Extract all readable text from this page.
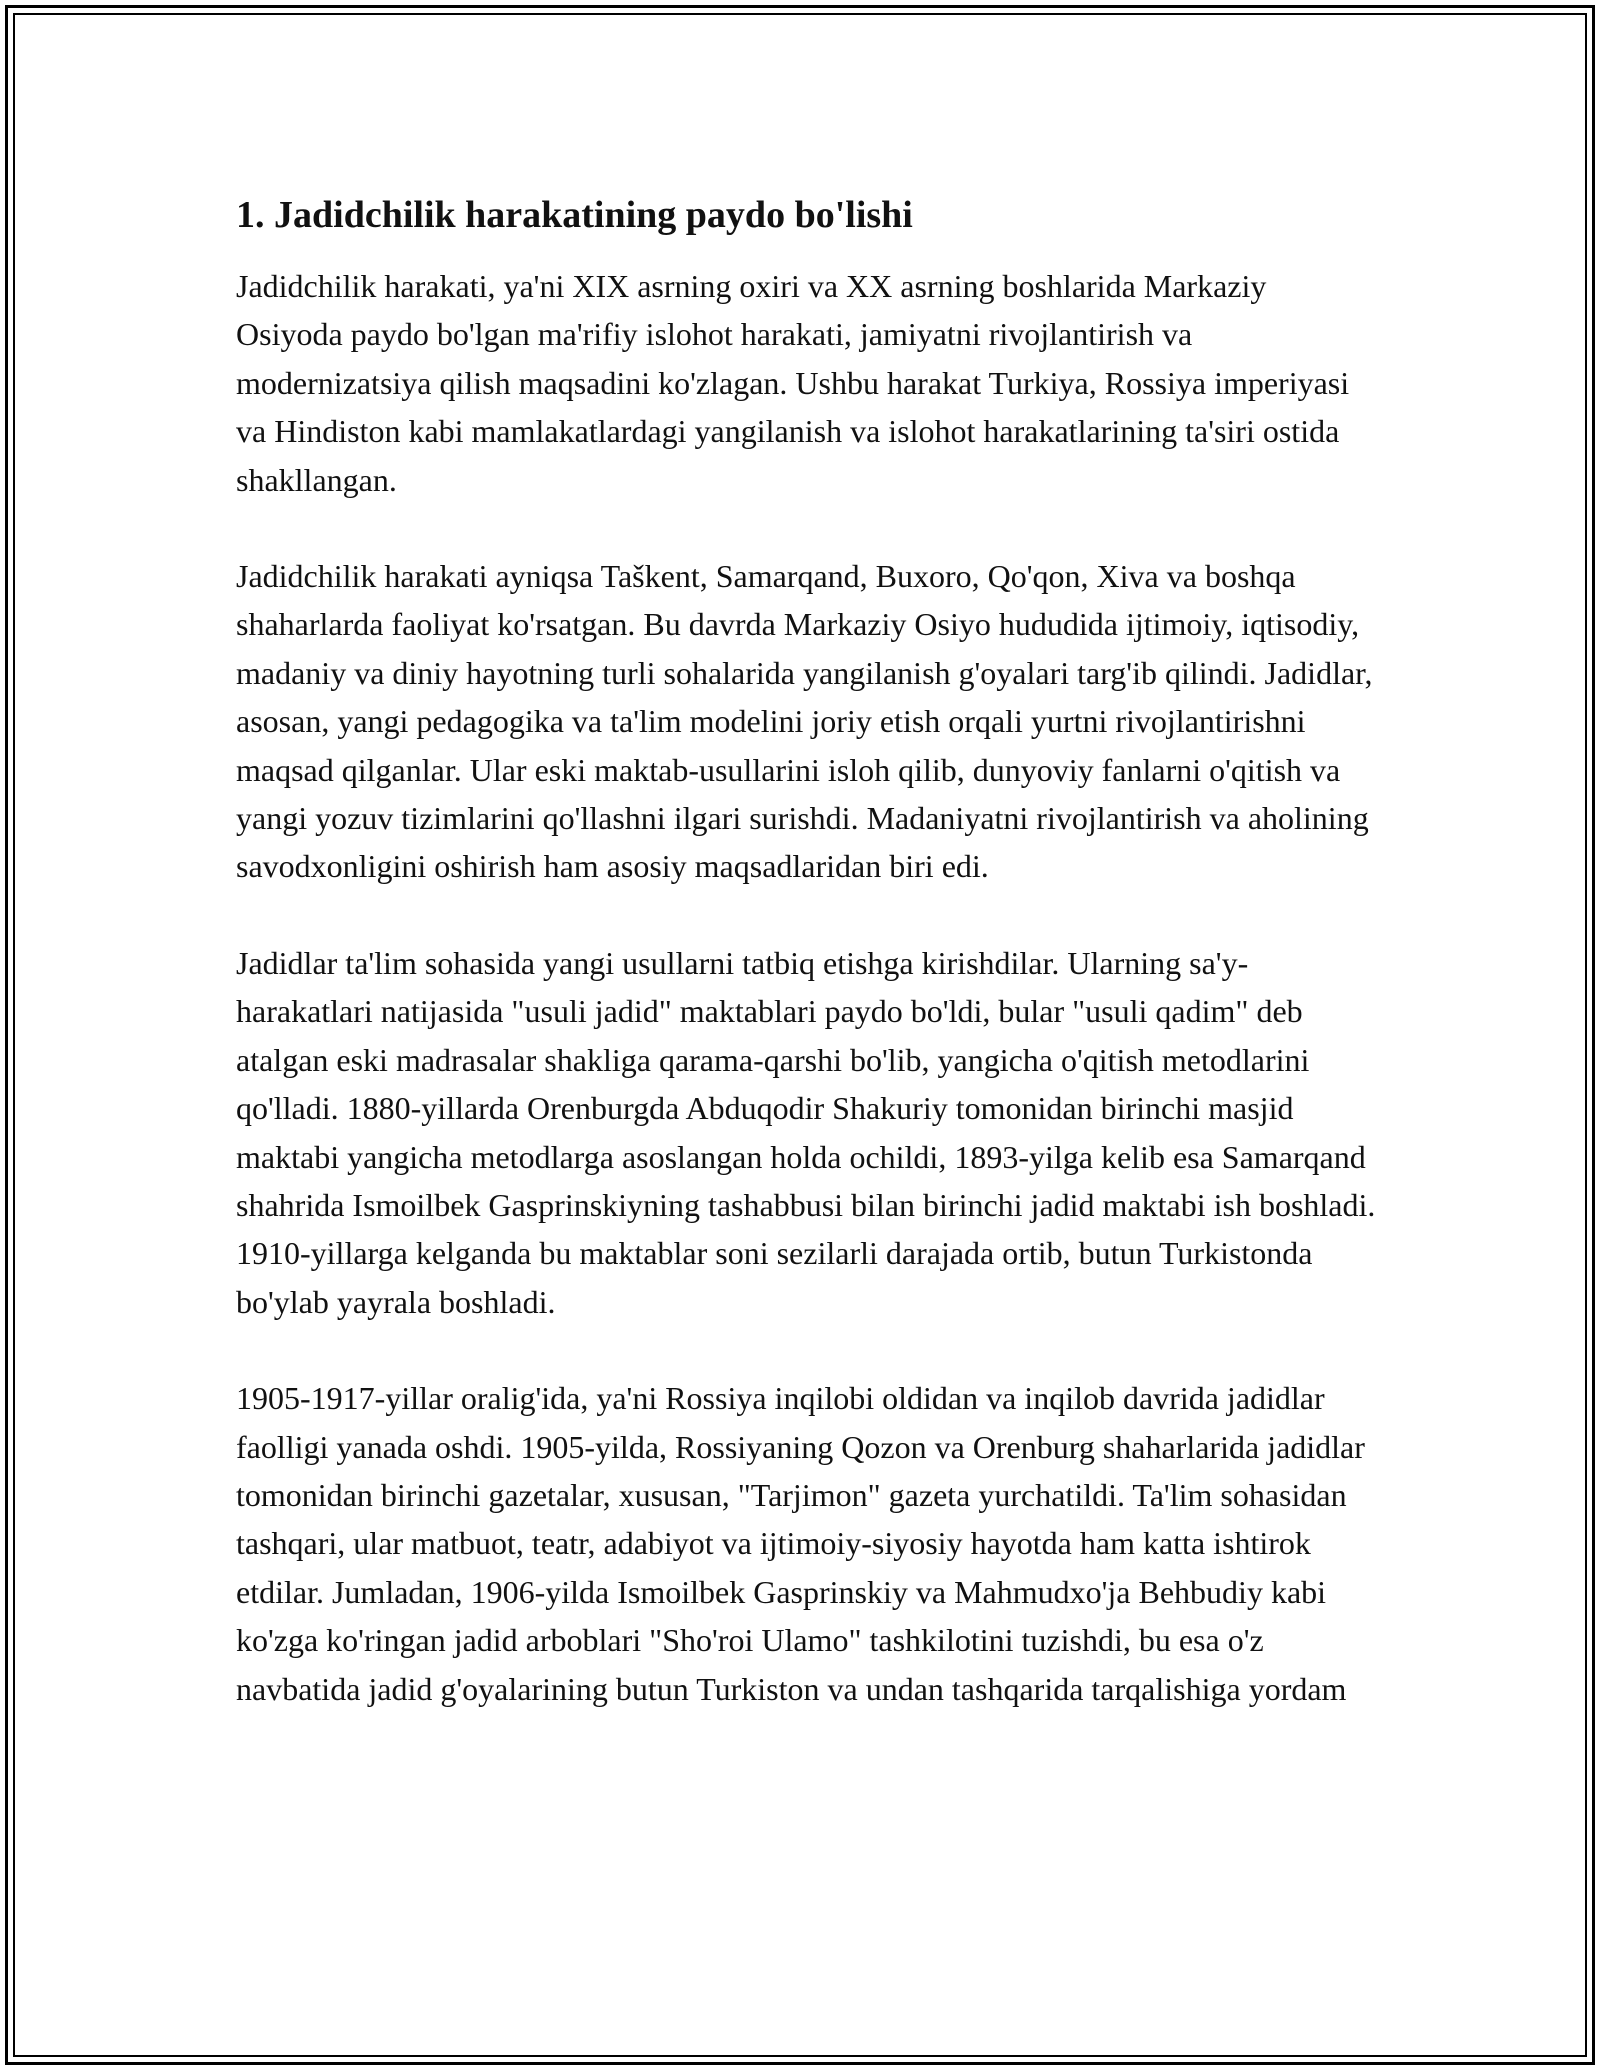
1. Jadidchilik harakatining paydo bo'lishi

Jadidchilik harakati, ya'ni XIX asrning oxiri va XX asrning boshlarida Markaziy Osiyoda paydo bo'lgan ma'rifiy islohot harakati, jamiyatni rivojlantirish va modernizatsiya qilish maqsadini ko'zlagan. Ushbu harakat Turkiya, Rossiya imperiyasi va Hindiston kabi mamlakatlardagi yangilanish va islohot harakatlarining ta'siri ostida shakllangan.

Jadidchilik harakati ayniqsa Taškent, Samarqand, Buxoro, Qo'qon, Xiva va boshqa shaharlarda faoliyat ko'rsatgan. Bu davrda Markaziy Osiyo hududida ijtimoiy, iqtisodiy, madaniy va diniy hayotning turli sohalarida yangilanish g'oyalari targ'ib qilindi. Jadidlar, asosan, yangi pedagogika va ta'lim modelini joriy etish orqali yurtni rivojlantirishni maqsad qilganlar. Ular eski maktab-usullarini isloh qilib, dunyoviy fanlarni o'qitish va yangi yozuv tizimlarini qo'llashni ilgari surishdi. Madaniyatni rivojlantirish va aholining savodxonligini oshirish ham asosiy maqsadlaridan biri edi.

Jadidlar ta'lim sohasida yangi usullarni tatbiq etishga kirishdilar. Ularning sa'y-harakatlari natijasida "usuli jadid" maktablari paydo bo'ldi, bular "usuli qadim" deb atalgan eski madrasalar shakliga qarama-qarshi bo'lib, yangicha o'qitish metodlarini qo'lladi. 1880-yillarda Orenburgda Abduqodir Shakuriy tomonidan birinchi masjid maktabi yangicha metodlarga asoslangan holda ochildi, 1893-yilga kelib esa Samarqand shahrida Ismoilbek Gasprinskiyning tashabbusi bilan birinchi jadid maktabi ish boshladi. 1910-yillarga kelganda bu maktablar soni sezilarli darajada ortib, butun Turkistonda bo'ylab yayrala boshladi.

1905-1917-yillar oralig'ida, ya'ni Rossiya inqilobi oldidan va inqilob davrida jadidlar faolligi yanada oshdi. 1905-yilda, Rossiyaning Qozon va Orenburg shaharlarida jadidlar tomonidan birinchi gazetalar, xususan, "Tarjimon" gazeta yurchatildi. Ta'lim sohasidan tashqari, ular matbuot, teatr, adabiyot va ijtimoiy-siyosiy hayotda ham katta ishtirok etdilar. Jumladan, 1906-yilda Ismoilbek Gasprinskiy va Mahmudxo'ja Behbudiy kabi ko'zga ko'ringan jadid arboblari "Sho'roi Ulamo" tashkilotini tuzishdi, bu esa o'z navbatida jadid g'oyalarining butun Turkiston va undan tashqarida tarqalishiga yordam
